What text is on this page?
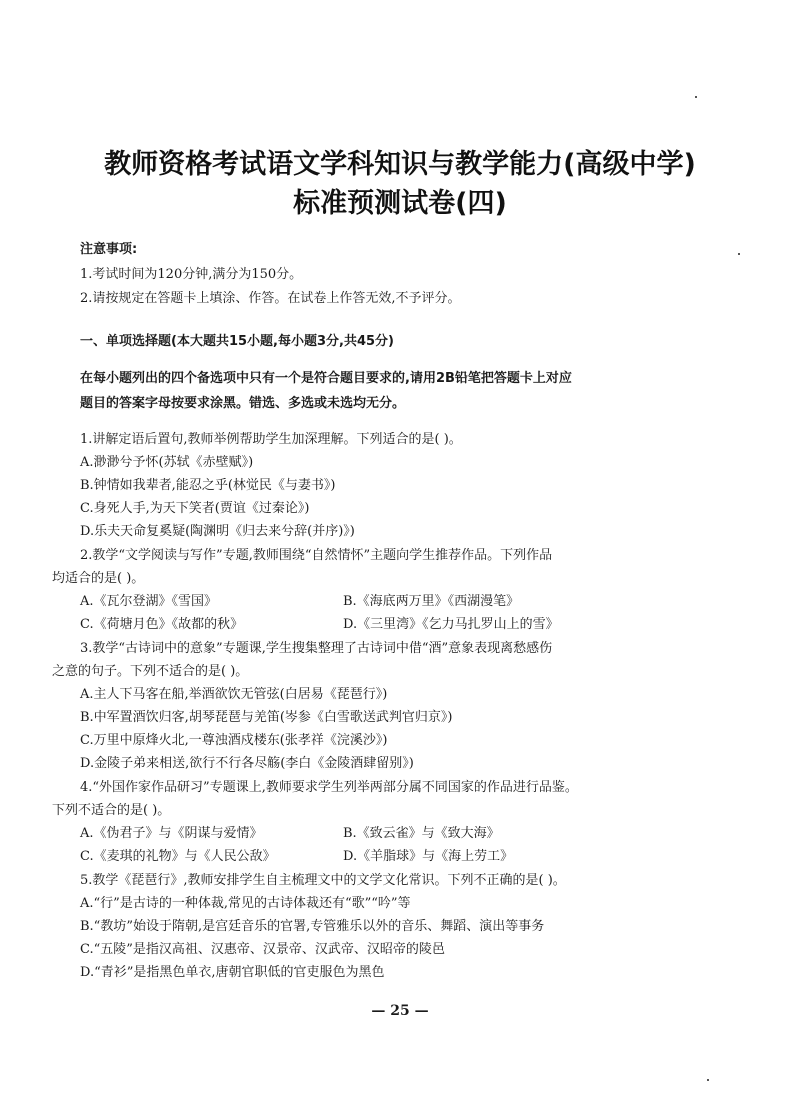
教师资格考试语文学科知识与教学能力(高级中学)
标准预测试卷(四)
注意事项:
1.考试时间为120分钟,满分为150分。
2.请按规定在答题卡上填涂、作答。在试卷上作答无效,不予评分。
一、单项选择题(本大题共15小题,每小题3分,共45分)
在每小题列出的四个备选项中只有一个是符合题目要求的,请用2B铅笔把答题卡上对应
题目的答案字母按要求涂黑。错选、多选或未选均无分。
1.讲解定语后置句,教师举例帮助学生加深理解。下列适合的是( )。
A.渺渺兮予怀(苏轼《赤壁赋》)
B.钟情如我辈者,能忍之乎(林觉民《与妻书》)
C.身死人手,为天下笑者(贾谊《过秦论》)
D.乐夫天命复奚疑(陶渊明《归去来兮辞(并序)》)
2.教学“文学阅读与写作”专题,教师围绕“自然情怀”主题向学生推荐作品。下列作品
均适合的是( )。
A.《瓦尔登湖》《雪国》	B.《海底两万里》《西湖漫笔》
C.《荷塘月色》《故都的秋》	D.《三里湾》《乞力马扎罗山上的雪》
3.教学“古诗词中的意象”专题课,学生搜集整理了古诗词中借“酒”意象表现离愁感伤
之意的句子。下列不适合的是( )。
A.主人下马客在船,举酒欲饮无管弦(白居易《琵琶行》)
B.中军置酒饮归客,胡琴琵琶与羌笛(岑参《白雪歌送武判官归京》)
C.万里中原烽火北,一尊浊酒戍楼东(张孝祥《浣溪沙》)
D.金陵子弟来相送,欲行不行各尽觞(李白《金陵酒肆留别》)
4.“外国作家作品研习”专题课上,教师要求学生列举两部分属不同国家的作品进行品鉴。
下列不适合的是( )。
A.《伪君子》与《阴谋与爱情》	B.《致云雀》与《致大海》
C.《麦琪的礼物》与《人民公敌》	D.《羊脂球》与《海上劳工》
5.教学《琵琶行》,教师安排学生自主梳理文中的文学文化常识。下列不正确的是( )。
A.“行”是古诗的一种体裁,常见的古诗体裁还有“歌”“吟”等
B.“教坊”始设于隋朝,是宫廷音乐的官署,专管雅乐以外的音乐、舞蹈、演出等事务
C.“五陵”是指汉高祖、汉惠帝、汉景帝、汉武帝、汉昭帝的陵邑
D.“青衫”是指黑色单衣,唐朝官职低的官吏服色为黑色
— 25 —
